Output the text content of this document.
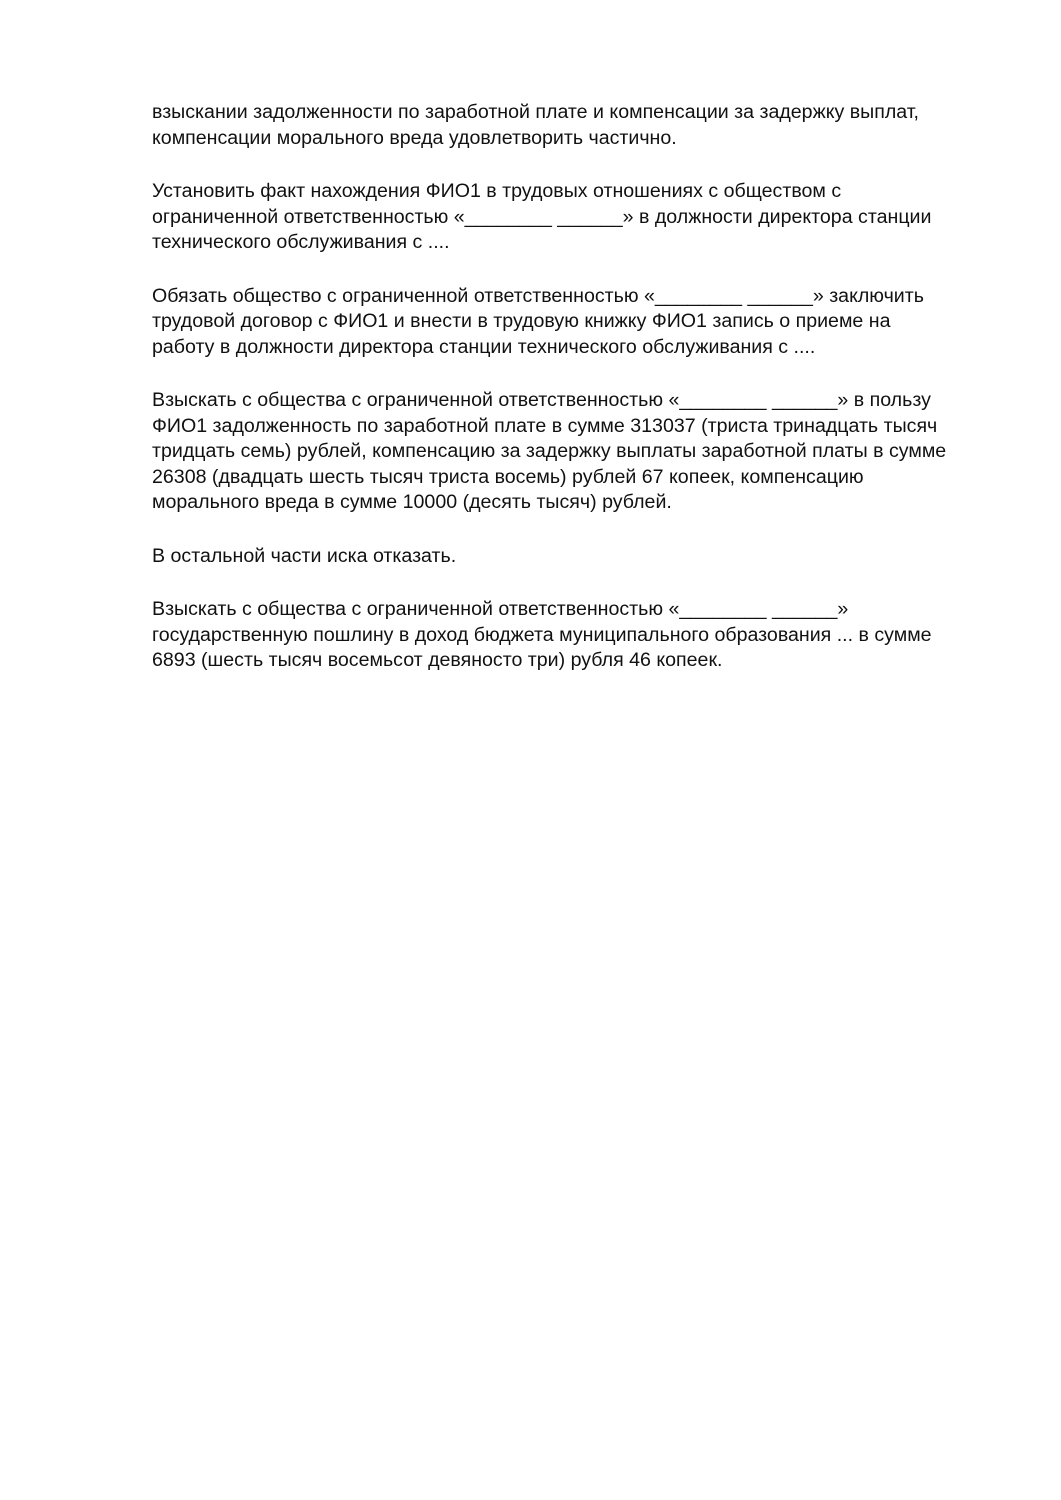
взыскании задолженности по заработной плате и компенсации за задержку выплат,
компенсации морального вреда удовлетворить частично.

Установить факт нахождения ФИО1 в трудовых отношениях с обществом с
ограниченной ответственностью «________ ______» в должности директора станции
технического обслуживания с ....

Обязать общество с ограниченной ответственностью «________ ______» заключить
трудовой договор с ФИО1 и внести в трудовую книжку ФИО1 запись о приеме на
работу в должности директора станции технического обслуживания с ....

Взыскать с общества с ограниченной ответственностью «________ ______» в пользу
ФИО1 задолженность по заработной плате в сумме 313037 (триста тринадцать тысяч
тридцать семь) рублей, компенсацию за задержку выплаты заработной платы в сумме
26308 (двадцать шесть тысяч триста восемь) рублей 67 копеек, компенсацию
морального вреда в сумме 10000 (десять тысяч) рублей.

В остальной части иска отказать.

Взыскать с общества с ограниченной ответственностью «________ ______»
государственную пошлину в доход бюджета муниципального образования ... в сумме
6893 (шесть тысяч восемьсот девяносто три) рубля 46 копеек.
